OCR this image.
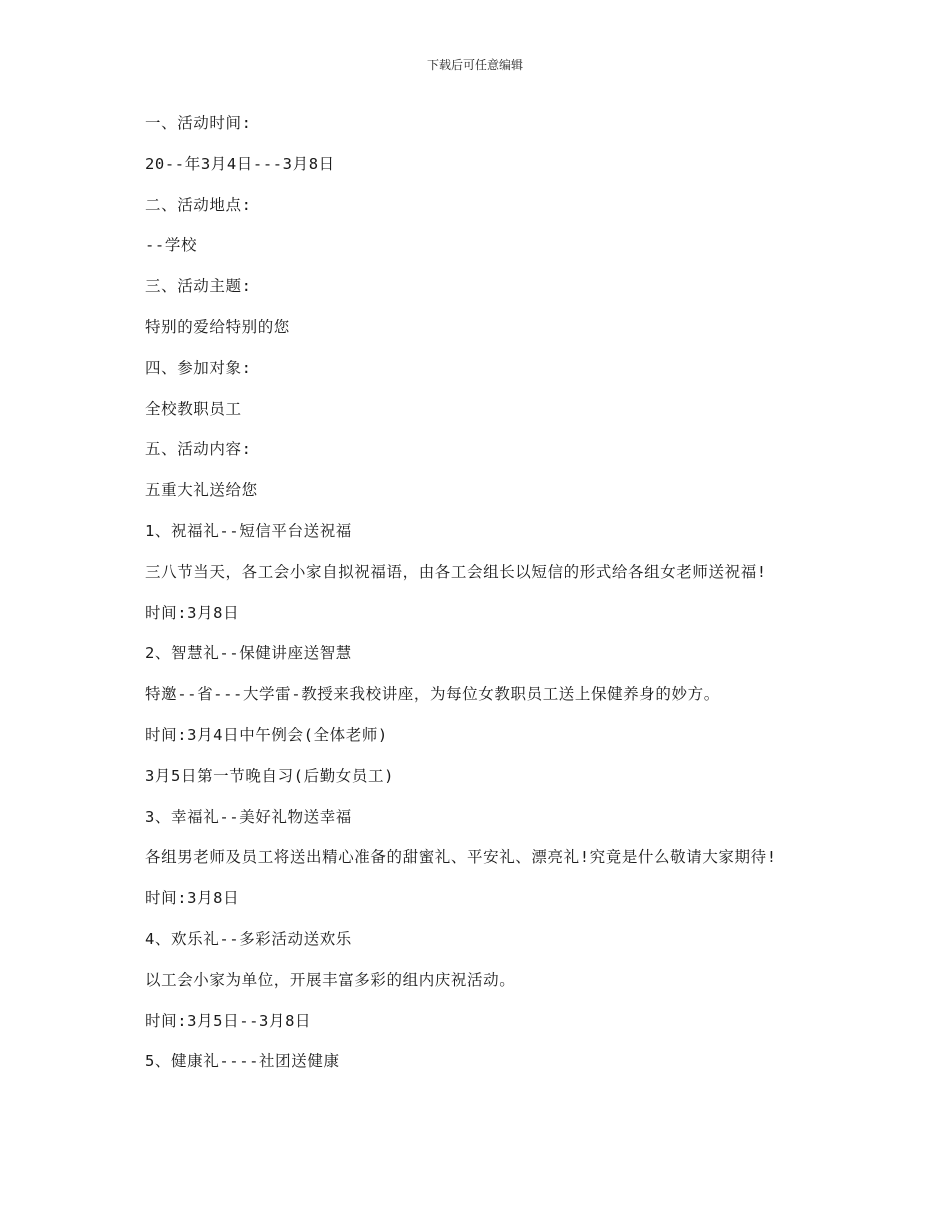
下载后可任意编辑
一、活动时间:
20--年3月4日---3月8日
二、活动地点:
--学校
三、活动主题:
特别的爱给特别的您
四、参加对象:
全校教职员工
五、活动内容:
五重大礼送给您
1、祝福礼--短信平台送祝福
三八节当天，各工会小家自拟祝福语，由各工会组长以短信的形式给各组女老师送祝福!
时间:3月8日
2、智慧礼--保健讲座送智慧
特邀--省---大学雷-教授来我校讲座，为每位女教职员工送上保健养身的妙方。
时间:3月4日中午例会(全体老师)
3月5日第一节晚自习(后勤女员工)
3、幸福礼--美好礼物送幸福
各组男老师及员工将送出精心准备的甜蜜礼、平安礼、漂亮礼!究竟是什么敬请大家期待!
时间:3月8日
4、欢乐礼--多彩活动送欢乐
以工会小家为单位，开展丰富多彩的组内庆祝活动。
时间:3月5日--3月8日
5、健康礼----社团送健康
